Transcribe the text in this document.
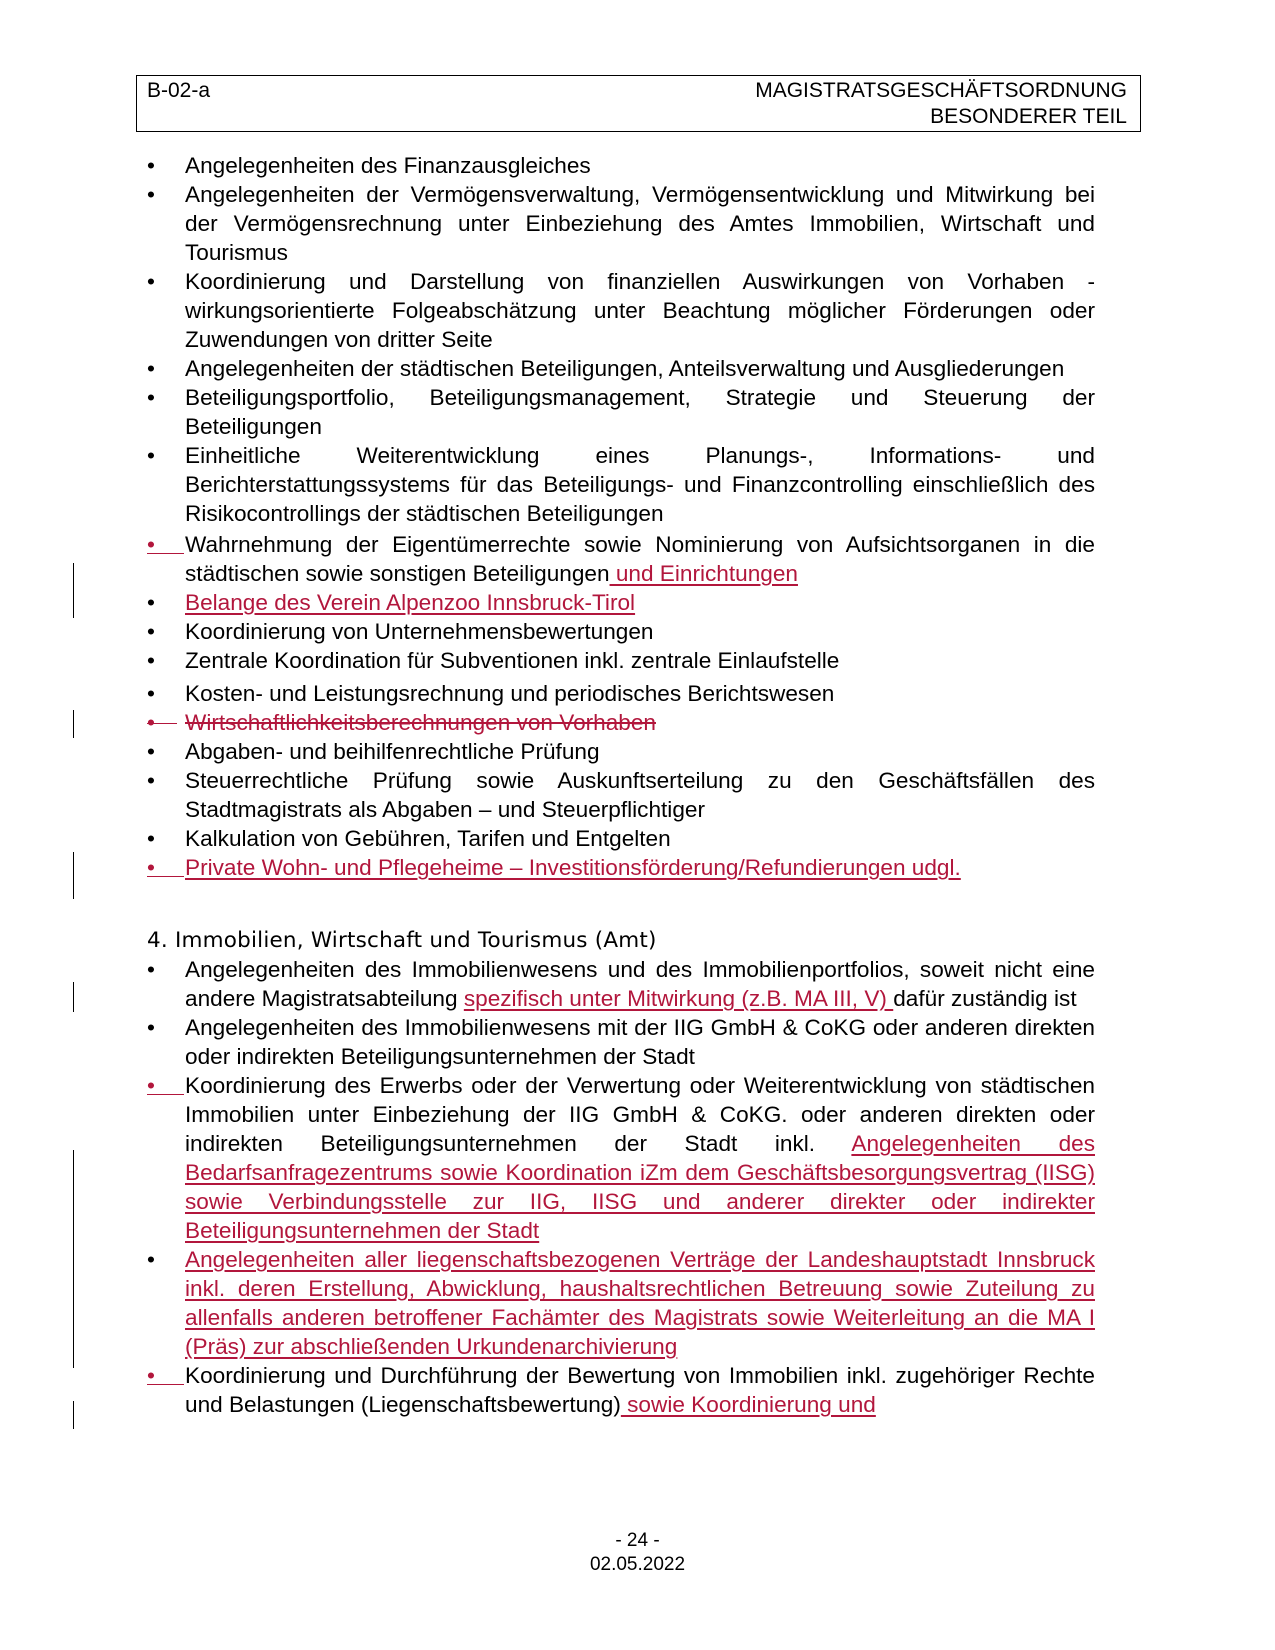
B-02-a	MAGISTRATSGESCHÄFTSORDNUNG
BESONDERER TEIL
•	Angelegenheiten des Finanzausgleiches
•	Angelegenheiten der Vermögensverwaltung, Vermögensentwicklung und Mitwirkung bei der Vermögensrechnung unter Einbeziehung des Amtes Immobilien, Wirtschaft und Tourismus
•	Koordinierung und Darstellung von finanziellen Auswirkungen von Vorhaben - wirkungsorientierte Folgeabschätzung unter Beachtung möglicher Förderungen oder Zuwendungen von dritter Seite
•	Angelegenheiten der städtischen Beteiligungen, Anteilsverwaltung und Ausgliederungen
•	Beteiligungsportfolio, Beteiligungsmanagement, Strategie und Steuerung der Beteiligungen
•	Einheitliche Weiterentwicklung eines Planungs-, Informations- und Berichterstattungssystems für das Beteiligungs- und Finanzcontrolling einschließlich des Risikocontrollings der städtischen Beteiligungen
•	Wahrnehmung der Eigentümerrechte sowie Nominierung von Aufsichtsorganen in die städtischen sowie sonstigen Beteiligungen und Einrichtungen
•	Belange des Verein Alpenzoo Innsbruck-Tirol
•	Koordinierung von Unternehmensbewertungen
•	Zentrale Koordination für Subventionen inkl. zentrale Einlaufstelle
•	Kosten- und Leistungsrechnung und periodisches Berichtswesen
•	Wirtschaftlichkeitsberechnungen von Vorhaben
•	Abgaben- und beihilfenrechtliche Prüfung
•	Steuerrechtliche Prüfung sowie Auskunftserteilung zu den Geschäftsfällen des Stadtmagistrats als Abgaben – und Steuerpflichtiger
•	Kalkulation von Gebühren, Tarifen und Entgelten
•	Private Wohn- und Pflegeheime – Investitionsförderung/Refundierungen udgl.
4. Immobilien, Wirtschaft und Tourismus (Amt)
•	Angelegenheiten des Immobilienwesens und des Immobilienportfolios, soweit nicht eine andere Magistratsabteilung spezifisch unter Mitwirkung (z.B. MA III, V) dafür zuständig ist
•	Angelegenheiten des Immobilienwesens mit der IIG GmbH & CoKG oder anderen direkten oder indirekten Beteiligungsunternehmen der Stadt
•	Koordinierung des Erwerbs oder der Verwertung oder Weiterentwicklung von städtischen Immobilien unter Einbeziehung der IIG GmbH & CoKG. oder anderen direkten oder indirekten Beteiligungsunternehmen der Stadt inkl. Angelegenheiten des Bedarfsanfragezentrums sowie Koordination iZm dem Geschäftsbesorgungsvertrag (IISG) sowie Verbindungsstelle zur IIG, IISG und anderer direkter oder indirekter Beteiligungsunternehmen der Stadt
•	Angelegenheiten aller liegenschaftsbezogenen Verträge der Landeshauptstadt Innsbruck inkl. deren Erstellung, Abwicklung, haushaltsrechtlichen Betreuung sowie Zuteilung zu allenfalls anderen betroffener Fachämter des Magistrats sowie Weiterleitung an die MA I (Präs) zur abschließenden Urkundenarchivierung
•	Koordinierung und Durchführung der Bewertung von Immobilien inkl. zugehöriger Rechte und Belastungen (Liegenschaftsbewertung) sowie Koordinierung und
- 24 -
02.05.2022
